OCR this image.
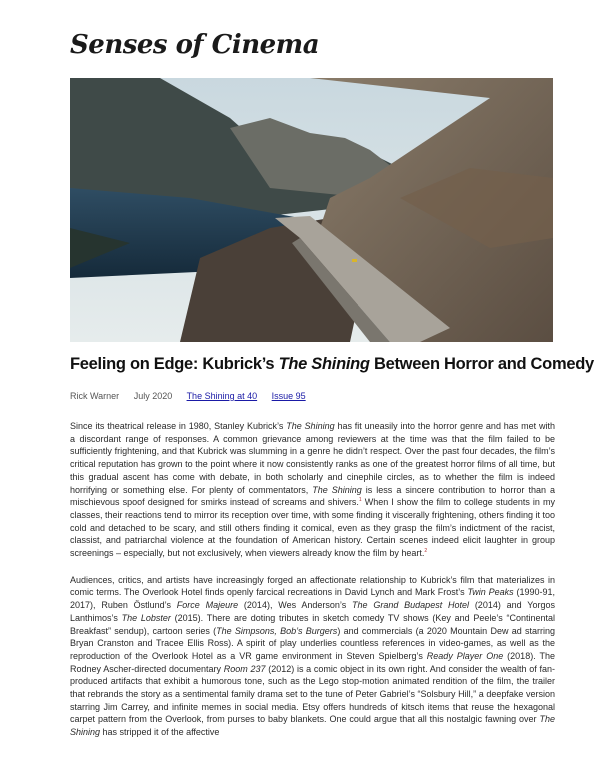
Senses of Cinema
Feeling on Edge: Kubrick’s The Shining Between Horror and Comedy
Rick Warner July 2020 The Shining at 40 Issue 95

Since its theatrical release in 1980, Stanley Kubrick’s The Shining has fit uneasily into the horror genre and has met with a discordant range of responses. A common grievance among reviewers at the time was that the film failed to be sufficiently frightening, and that Kubrick was slumming in a genre he didn’t respect. Over the past four decades, the film’s critical reputation has grown to the point where it now consistently ranks as one of the greatest horror films of all time, but this gradual ascent has come with debate, in both scholarly and cinephile circles, as to whether the film is indeed horrifying or something else. For plenty of commentators, The Shining is less a sincere contribution to horror than a mischievous spoof designed for smirks instead of screams and shivers.$^1$ When I show the film to college students in my classes, their reactions tend to mirror its reception over time, with some finding it viscerally frightening, others finding it too cold and detached to be scary, and still others finding it comical, even as they grasp the film’s indictment of the racist, classist, and patriarchal violence at the foundation of American history. Certain scenes indeed elicit laughter in group screenings – especially, but not exclusively, when viewers already know the film by heart.$^2$

Audiences, critics, and artists have increasingly forged an affectionate relationship to Kubrick’s film that materializes in comic terms. The Overlook Hotel finds openly farcical recreations in David Lynch and Mark Frost’s Twin Peaks (1990-91, 2017), Ruben Östlund’s Force Majeure (2014), Wes Anderson’s The Grand Budapest Hotel (2014) and Yorgos Lanthimos’s The Lobster (2015). There are doting tributes in sketch comedy TV shows (Key and Peele’s “Continental Breakfast” sendup), cartoon series (The Simpsons, Bob’s Burgers) and commercials (a 2020 Mountain Dew ad starring Bryan Cranston and Tracee Ellis Ross). A spirit of play underlies countless references in video-games, as well as the reproduction of the Overlook Hotel as a VR game environment in Steven Spielberg’s Ready Player One (2018). The Rodney Ascher-directed documentary Room 237 (2012) is a comic object in its own right. And consider the wealth of fan-produced artifacts that exhibit a humorous tone, such as the Lego stop-motion animated rendition of the film, the trailer that rebrands the story as a sentimental family drama set to the tune of Peter Gabriel’s “Solsbury Hill,” a deepfake version starring Jim Carrey, and infinite memes in social media. Etsy offers hundreds of kitsch items that reuse the hexagonal carpet pattern from the Overlook, from purses to baby blankets. One could argue that all this nostalgic fawning over The Shining has stripped it of the affective
